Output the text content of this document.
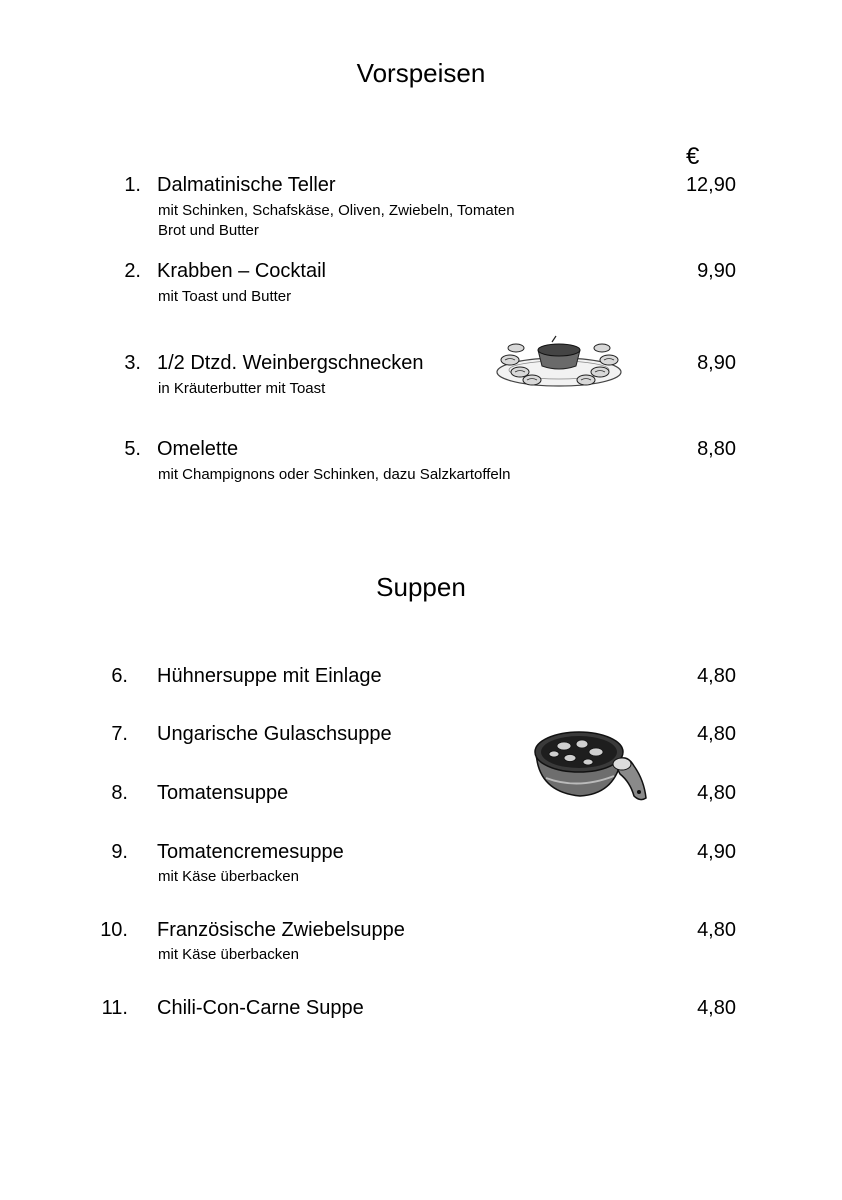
Vorspeisen
€
1. Dalmatinische Teller
mit Schinken, Schafskäse, Oliven, Zwiebeln, Tomaten
Brot und Butter
12,90
2. Krabben – Cocktail
mit Toast und Butter
9,90
3. 1/2 Dtzd. Weinbergschnecken
in Kräuterbutter mit Toast
8,90
5. Omelette
mit Champignons oder Schinken, dazu Salzkartoffeln
8,80
Suppen
6. Hühnersuppe mit Einlage	4,80
7. Ungarische Gulaschsuppe	4,80
8. Tomatensuppe	4,80
9. Tomatencremesuppe
mit Käse überbacken
4,90
10. Französische Zwiebelsuppe
mit Käse überbacken
4,80
11. Chili-Con-Carne Suppe	4,80
